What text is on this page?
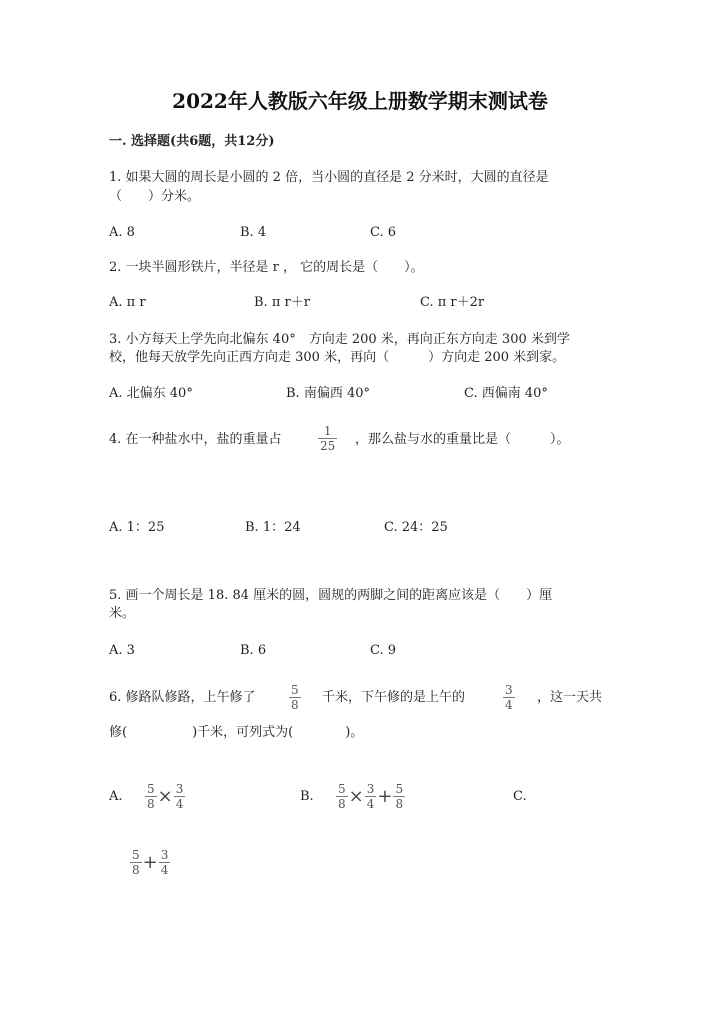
2022年人教版六年级上册数学期末测试卷
一. 选择题(共6题，共12分)
1. 如果大圆的周长是小圆的 2 倍，当小圆的直径是 2 分米时，大圆的直径是
（　　）分米。
A. 8	B. 4	C. 6
2. 一块半圆形铁片，半径是 r ， 它的周长是（　　）。
A. π r	B. π r＋r	C. π r＋2r
3. 小方每天上学先向北偏东 40°　方向走 200 米，再向正东方向走 300 米到学
校，他每天放学先向正西方向走 300 米，再向（　　　）方向走 200 米到家。
A. 北偏东 40°	B. 南偏西 40°	C. 西偏南 40°
4. 在一种盐水中，盐的重量占	$\frac{1}{25}$ ，那么盐与水的重量比是（　　　）。
A. 1：25	B. 1：24	C. 24：25
5. 画一个周长是 18. 84 厘米的圆，圆规的两脚之间的距离应该是（　　）厘
米。
A. 3	B. 6	C. 9
6. 修路队修路，上午修了	$\frac{5}{8}$ 千米，下午修的是上午的	$\frac{3}{4}$ ，这一天共
修(　　　　　)千米，可列式为(　　　　)。
A. $\frac{5}{8} \times \frac{3}{4}$	B. $\frac{5}{8} \times \frac{3}{4} + \frac{5}{8}$	C.
$\frac{5}{8} + \frac{3}{4}$
